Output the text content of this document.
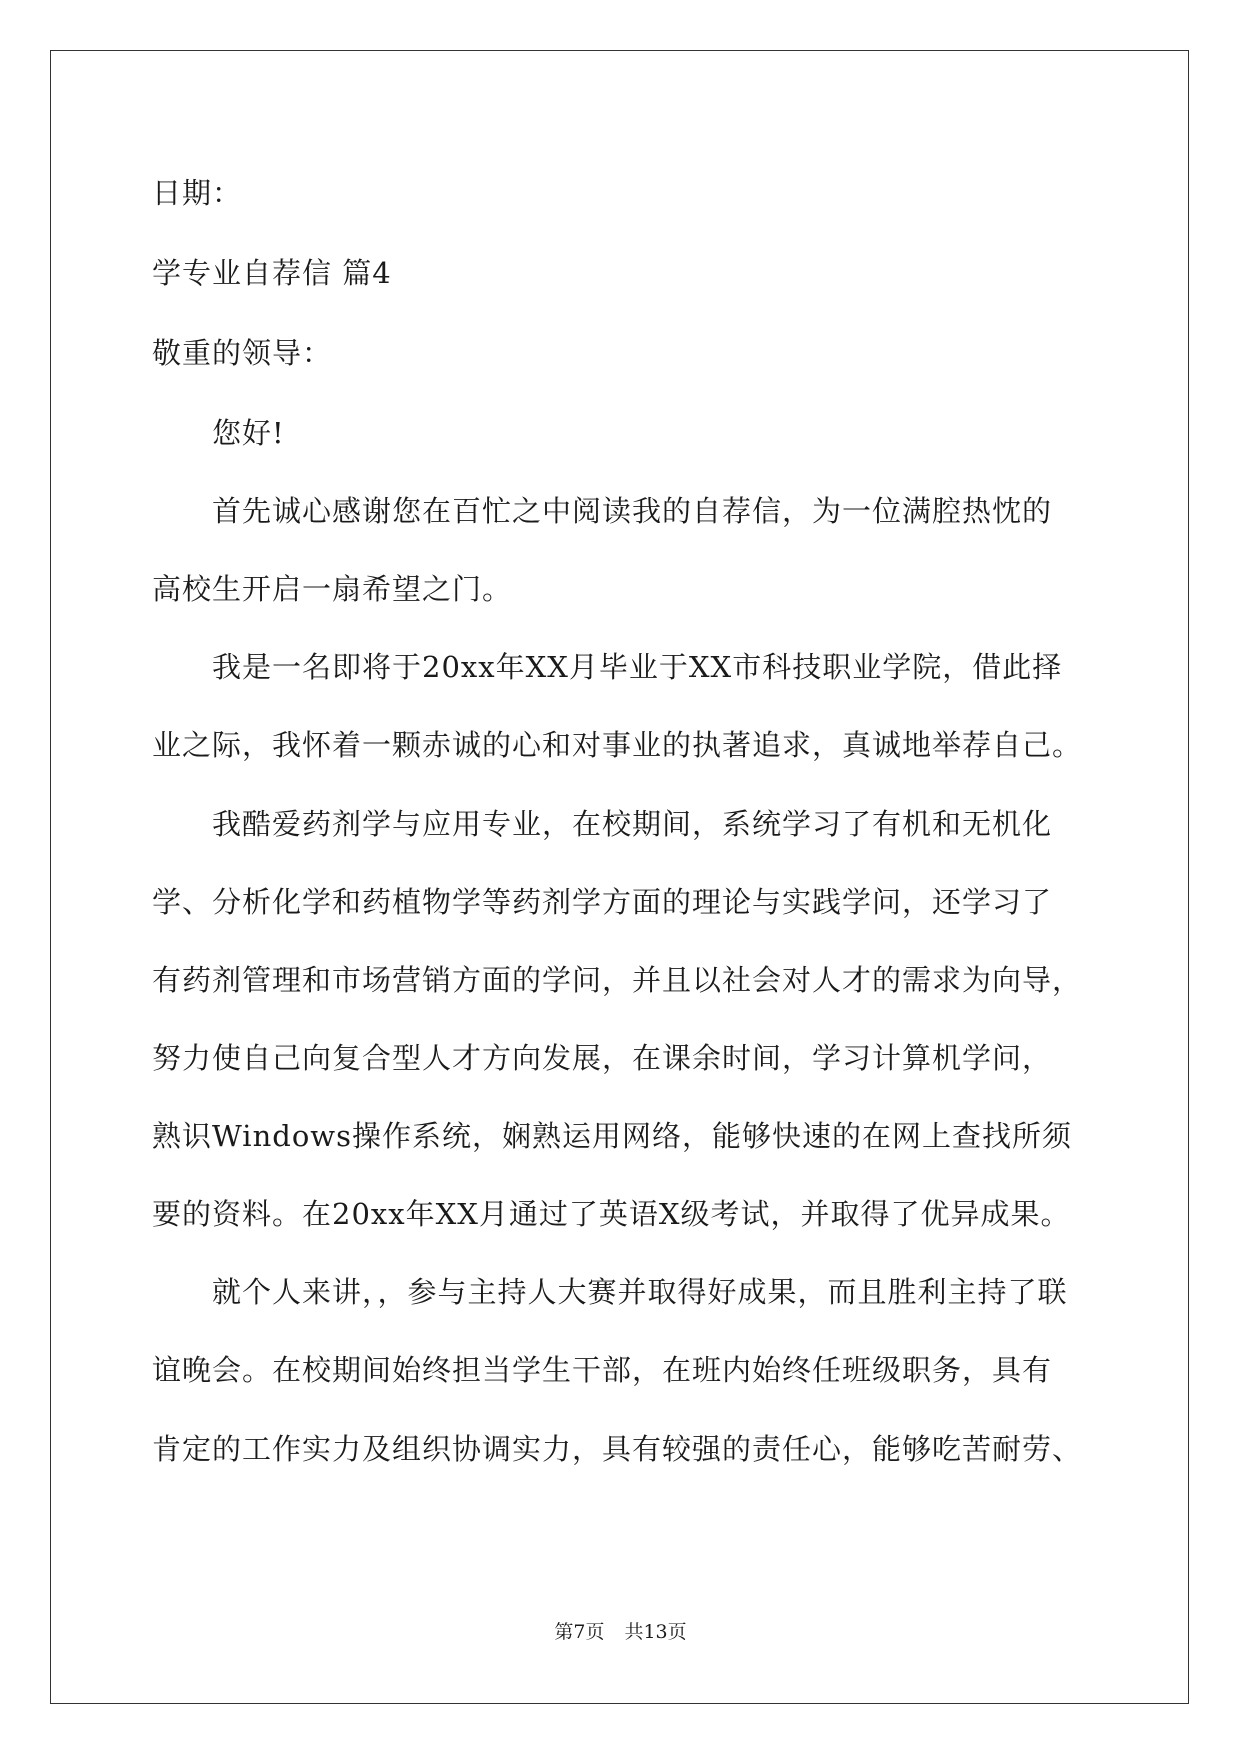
日期：
学专业自荐信 篇4
敬重的领导：
　　您好!
　　首先诚心感谢您在百忙之中阅读我的自荐信，为一位满腔热忱的
高校生开启一扇希望之门。
　　我是一名即将于20xx年XX月毕业于XX市科技职业学院，借此择
业之际，我怀着一颗赤诚的心和对事业的执著追求，真诚地举荐自己。
　　我酷爱药剂学与应用专业，在校期间，系统学习了有机和无机化
学、分析化学和药植物学等药剂学方面的理论与实践学问，还学习了
有药剂管理和市场营销方面的学问，并且以社会对人才的需求为向导，
努力使自己向复合型人才方向发展，在课余时间，学习计算机学问，
熟识Windows操作系统，娴熟运用网络，能够快速的在网上查找所须
要的资料。在20xx年XX月通过了英语X级考试，并取得了优异成果。
　　就个人来讲，，参与主持人大赛并取得好成果，而且胜利主持了联
谊晚会。在校期间始终担当学生干部，在班内始终任班级职务，具有
肯定的工作实力及组织协调实力，具有较强的责任心，能够吃苦耐劳、
第7页 共13页
